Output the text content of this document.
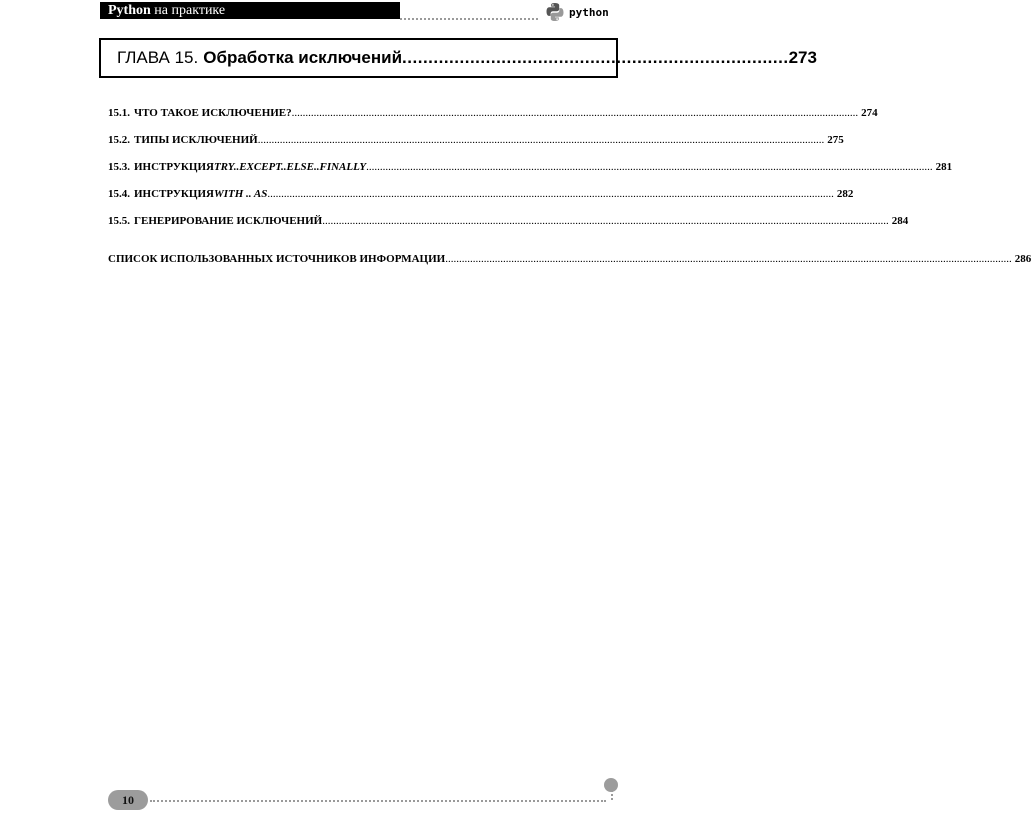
Python на практике	python
ГЛАВА 15. Обработка исключений .......................................................................... 273
15.1. ЧТО ТАКОЕ ИСКЛЮЧЕНИЕ? .............................................................................................................................................................................................................. 274
15.2. ТИПЫ ИСКЛЮЧЕНИЙ .............................................................................................................................................................................................................. 275
15.3. ИНСТРУКЦИЯ TRY..EXCEPT..ELSE..FINALLY .............................................................................................................................................................................................................. 281
15.4. ИНСТРУКЦИЯ WITH .. AS .............................................................................................................................................................................................................. 282
15.5. ГЕНЕРИРОВАНИЕ ИСКЛЮЧЕНИЙ .............................................................................................................................................................................................................. 284
СПИСОК ИСПОЛЬЗОВАННЫХ ИСТОЧНИКОВ ИНФОРМАЦИИ .............................................................................................................................................................................................................. 286
10
